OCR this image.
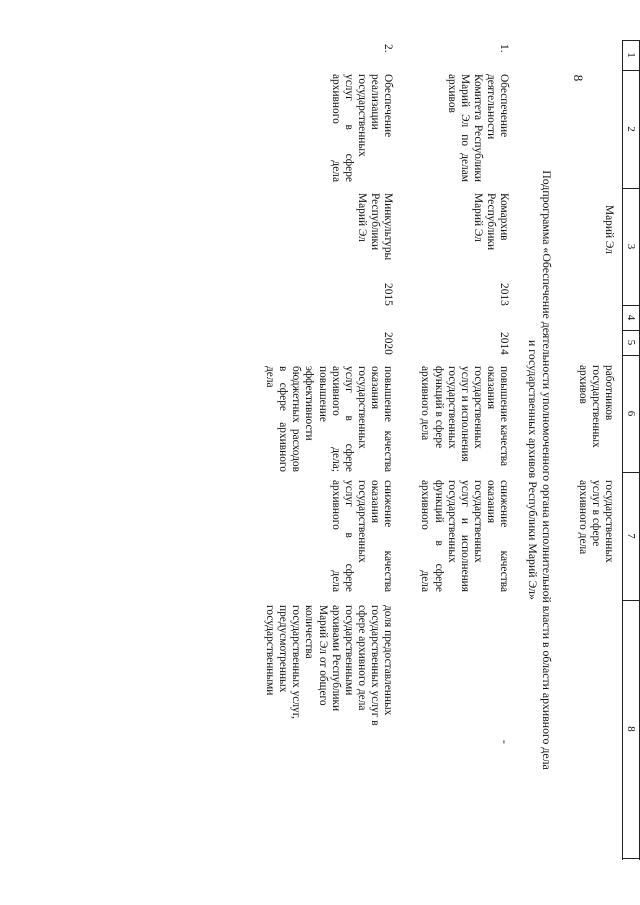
8
1
2
3
4
5
6
7
8
Марий Эл
работников
государственных
архивов
государственных
услуг в сфере
архивного дела
Подпрограмма «Обеспечение деятельности уполномоченного органа исполнительной власти в области архивного дела
и государственных архивов Республики Марий Эл»
1.
Обеспечение деятельности Комитета Республики Марий Эл по делам архивов
Комархив Республики Марий Эл
2013
2014
повышение качества оказания государственных услуг и исполнения государственных функций в сфере архивного дела
снижение качества оказания государственных услуг и исполнения государственных функций в сфере архивного дела
-
2.
Обеспечение реализации государственных услуг в сфере архивного дела
Минкультуры Республики Марий Эл
2015
2020
повышение качества оказания государственных услуг в сфере архивного дела; повышение эффективности бюджетных расходов в сфере архивного дела
снижение качества оказания государственных услуг в сфере архивного дела
доля предоставленных государственных услуг в сфере архивного дела государственными архивами Республики Марий Эл от общего количества государственных услуг, предусмотренных государственными
